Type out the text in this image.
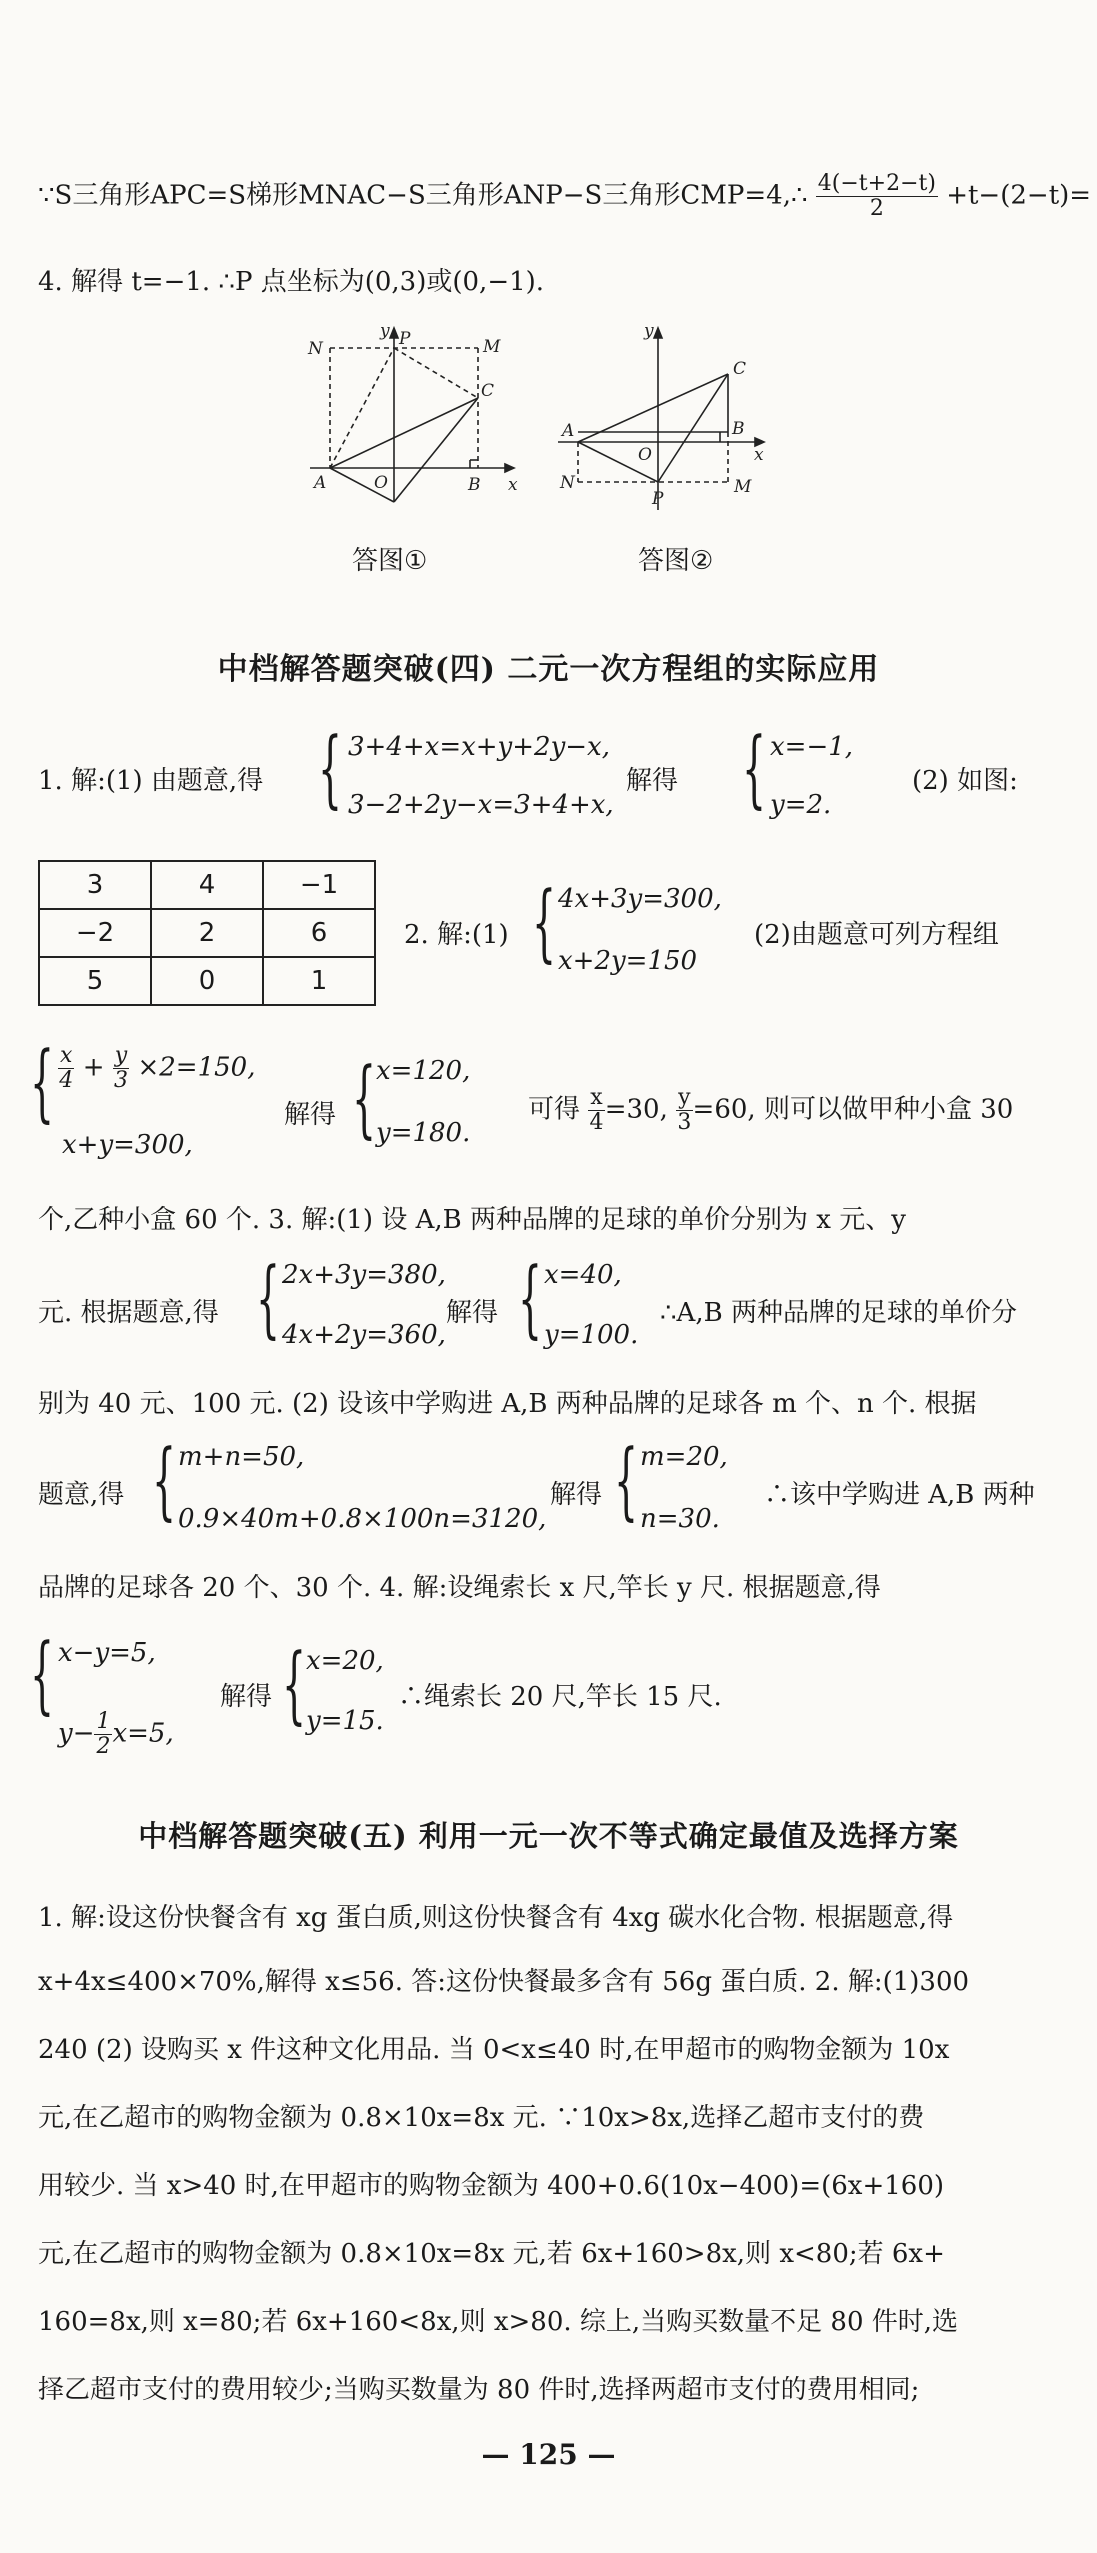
∵S三角形APC=S梯形MNAC−S三角形ANP−S三角形CMP=4,∴ $\frac{4(-t+2-t)}{2} +t-(2-t)=$
4. 解得 t=−1. ∴P 点坐标为(0,3)或(0,−1).
N
y P	M
C
A	O	B x
答图①
y
C
A
O
B
x
N
P
M
答图②
中档解答题突破(四) 二元一次方程组的实际应用
1. 解:(1) 由题意,得 { 3+4+x=x+y+2y−x,
3−2+2y−x=3+4+x,
解得 { x=−1,
y=2.
(2) 如图:
3	4	−1
−2	2	6
5	0	1
2. 解:(1) { 4x+3y=300,
x+2y=150
(2)由题意可列方程组
{ $\frac{x}{4} + \frac{y}{3} \times 2=150$,
x+y=300,
解得 { x=120,
y=180.
可得 $\frac{x}{4} =30$, $\frac{y}{3} =60$, 则可以做甲种小盒 30
个,乙种小盒 60 个. 3. 解:(1) 设 A,B 两种品牌的足球的单价分别为 x 元、y
元. 根据题意,得 { 2x+3y=380,
4x+2y=360,
解得 { x=40,
y=100.
∴A,B 两种品牌的足球的单价分
别为 40 元、100 元. (2) 设该中学购进 A,B 两种品牌的足球各 m 个、n 个. 根据
题意,得 { m+n=50,
0.9×40m+0.8×100n=3120,
解得 { m=20,
n=30.
∴该中学购进 A,B 两种
品牌的足球各 20 个、30 个. 4. 解:设绳索长 x 尺,竿长 y 尺. 根据题意,得
{ x−y=5,
$y- \frac{1}{2} x=5$,
解得 { x=20,
y=15.
∴绳索长 20 尺,竿长 15 尺.
中档解答题突破(五) 利用一元一次不等式确定最值及选择方案
1. 解:设这份快餐含有 xg 蛋白质,则这份快餐含有 4xg 碳水化合物. 根据题意,得
x+4x≤400×70%,解得 x≤56. 答:这份快餐最多含有 56g 蛋白质. 2. 解:(1)300
240 (2) 设购买 x 件这种文化用品. 当 0<x≤40 时,在甲超市的购物金额为 10x
元,在乙超市的购物金额为 0.8×10x=8x 元. ∵10x>8x,选择乙超市支付的费
用较少. 当 x>40 时,在甲超市的购物金额为 400+0.6(10x−400)=(6x+160)
元,在乙超市的购物金额为 0.8×10x=8x 元,若 6x+160>8x,则 x<80;若 6x+
160=8x,则 x=80;若 6x+160<8x,则 x>80. 综上,当购买数量不足 80 件时,选
择乙超市支付的费用较少;当购买数量为 80 件时,选择两超市支付的费用相同;
— 125 —
